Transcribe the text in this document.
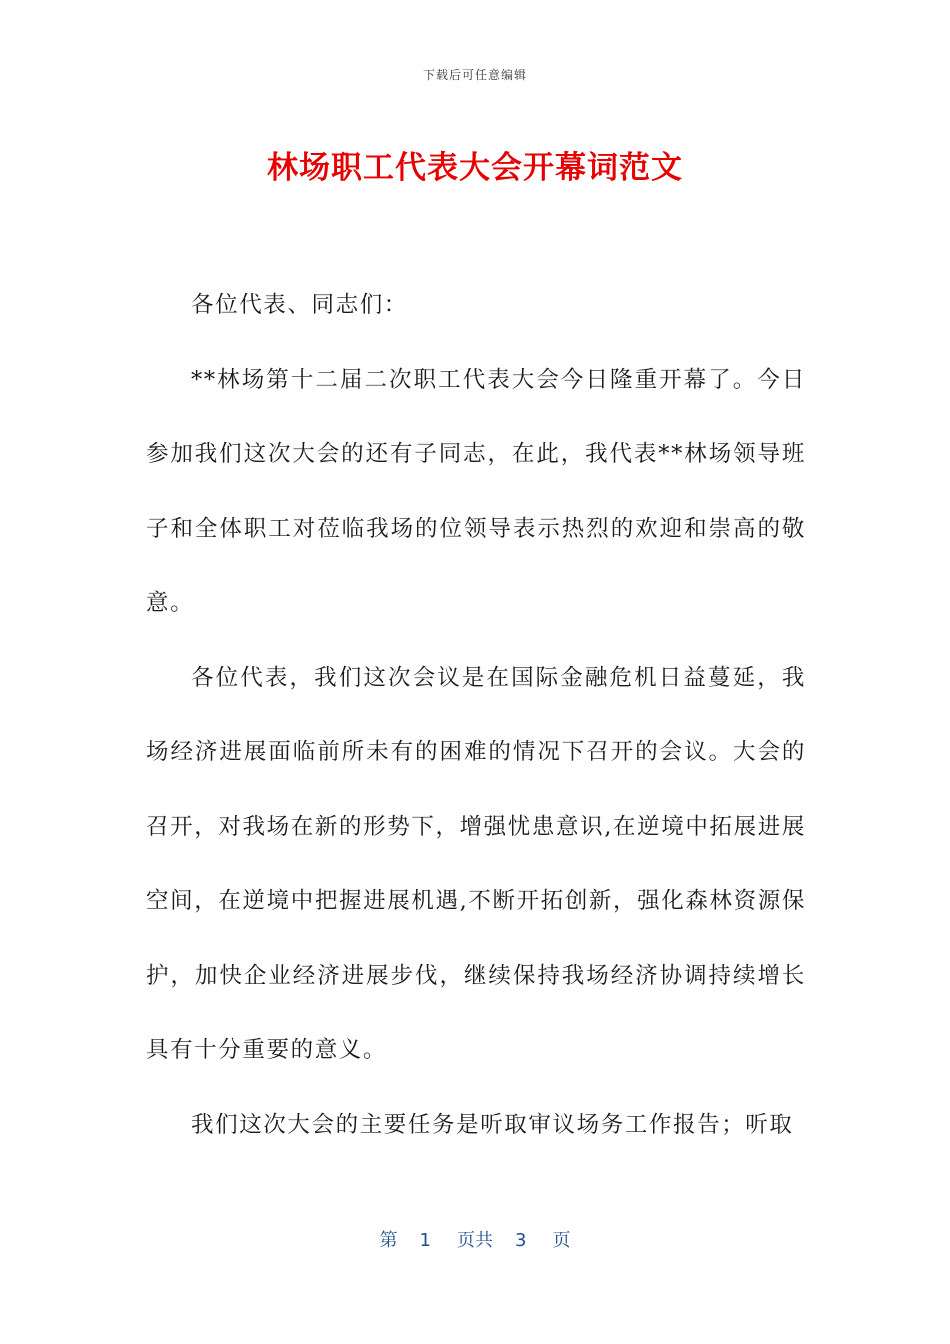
下载后可任意编辑
林场职工代表大会开幕词范文

各位代表、同志们：

**林场第十二届二次职工代表大会今日隆重开幕了。今日参加我们这次大会的还有子同志，在此，我代表**林场领导班子和全体职工对莅临我场的位领导表示热烈的欢迎和崇高的敬意。

各位代表，我们这次会议是在国际金融危机日益蔓延，我场经济进展面临前所未有的困难的情况下召开的会议。大会的召开，对我场在新的形势下，增强忧患意识,在逆境中拓展进展空间，在逆境中把握进展机遇,不断开拓创新，强化森林资源保护，加快企业经济进展步伐，继续保持我场经济协调持续增长具有十分重要的意义。

我们这次大会的主要任务是听取审议场务工作报告；听取

第 1 页共 3 页
